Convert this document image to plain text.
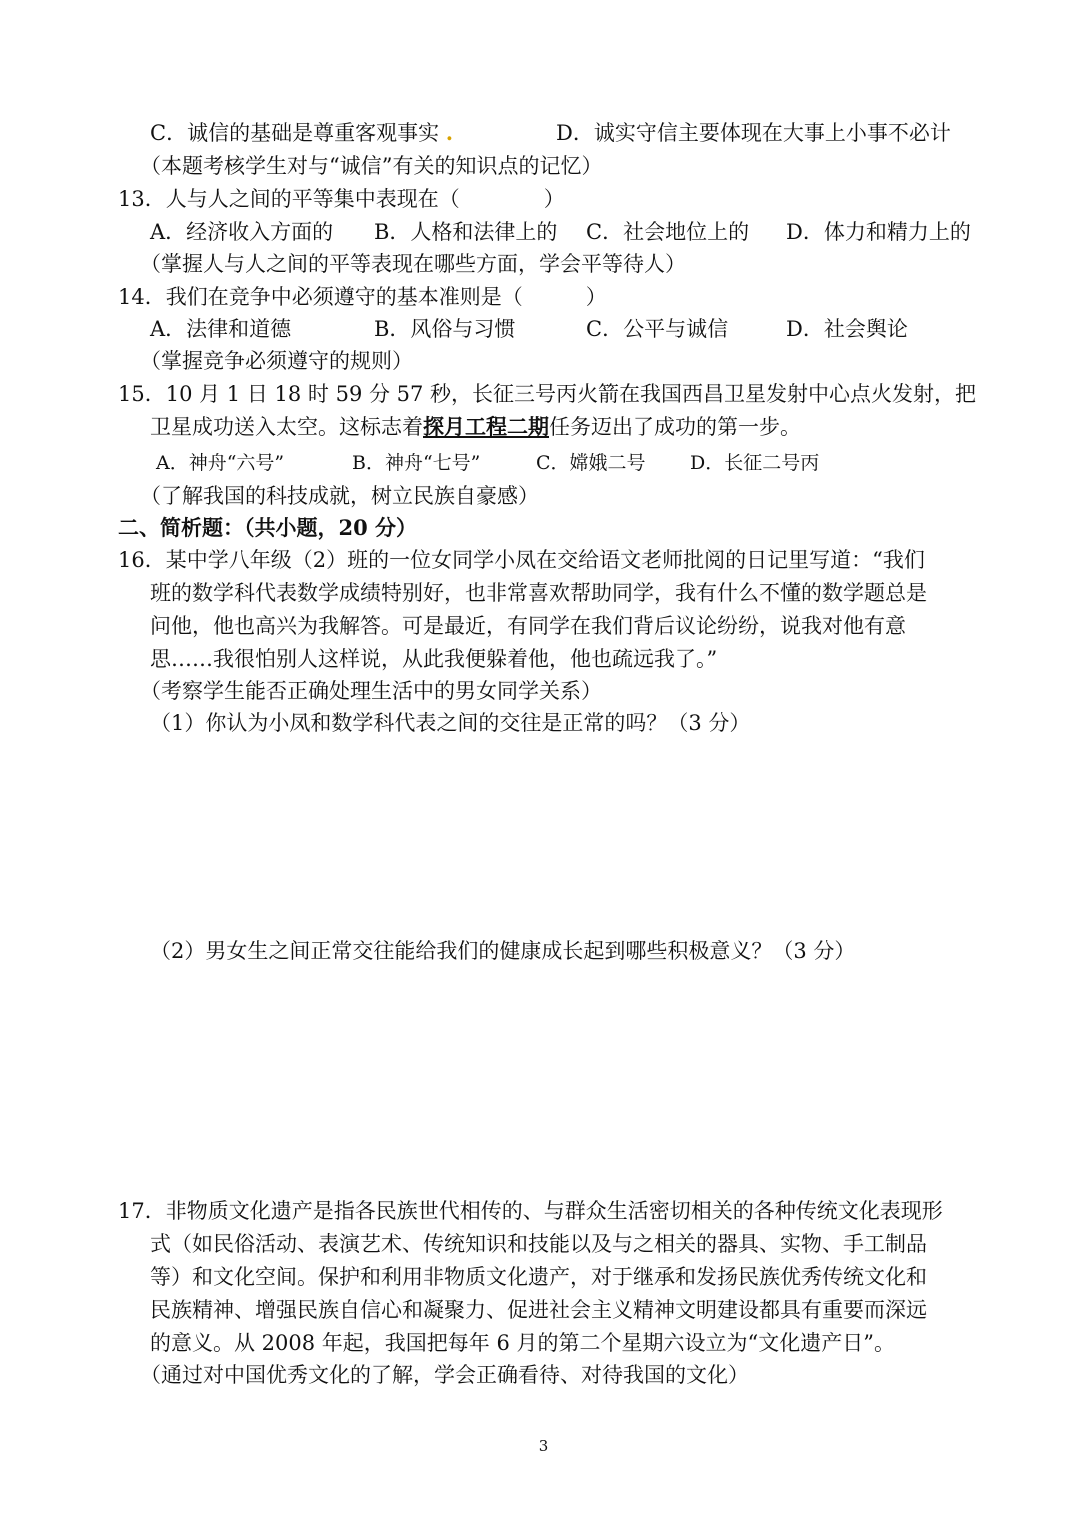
C．诚信的基础是尊重客观事实 .	D．诚实守信主要体现在大事上小事不必计
（本题考核学生对与“诚信”有关的知识点的记忆）
13．人与人之间的平等集中表现在（　　　　）
A．经济收入方面的 B．人格和法律上的 C．社会地位上的 D．体力和精力上的
（掌握人与人之间的平等表现在哪些方面，学会平等待人）
14．我们在竞争中必须遵守的基本准则是（　　　）
A．法律和道德	B．风俗与习惯	C．公平与诚信	D．社会舆论
（掌握竞争必须遵守的规则）
15．10 月 1 日 18 时 59 分 57 秒，长征三号丙火箭在我国西昌卫星发射中心点火发射，把
卫星成功送入太空。这标志着探月工程二期任务迈出了成功的第一步。
A．神舟“六号”	B．神舟“七号”	C．嫦娥二号 D．长征二号丙
（了解我国的科技成就，树立民族自豪感）
二、简析题：（共小题，20 分）
16．某中学八年级（2）班的一位女同学小凤在交给语文老师批阅的日记里写道：“我们
班的数学科代表数学成绩特别好，也非常喜欢帮助同学，我有什么不懂的数学题总是
问他，他也高兴为我解答。可是最近，有同学在我们背后议论纷纷，说我对他有意
思……我很怕别人这样说，从此我便躲着他，他也疏远我了。”
（考察学生能否正确处理生活中的男女同学关系）
（1）你认为小凤和数学科代表之间的交往是正常的吗？（3 分）
（2）男女生之间正常交往能给我们的健康成长起到哪些积极意义？（3 分）
17．非物质文化遗产是指各民族世代相传的、与群众生活密切相关的各种传统文化表现形
式（如民俗活动、表演艺术、传统知识和技能以及与之相关的器具、实物、手工制品
等）和文化空间。保护和利用非物质文化遗产，对于继承和发扬民族优秀传统文化和
民族精神、增强民族自信心和凝聚力、促进社会主义精神文明建设都具有重要而深远
的意义。从 2008 年起，我国把每年 6 月的第二个星期六设立为“文化遗产日”。
（通过对中国优秀文化的了解，学会正确看待、对待我国的文化）
3
